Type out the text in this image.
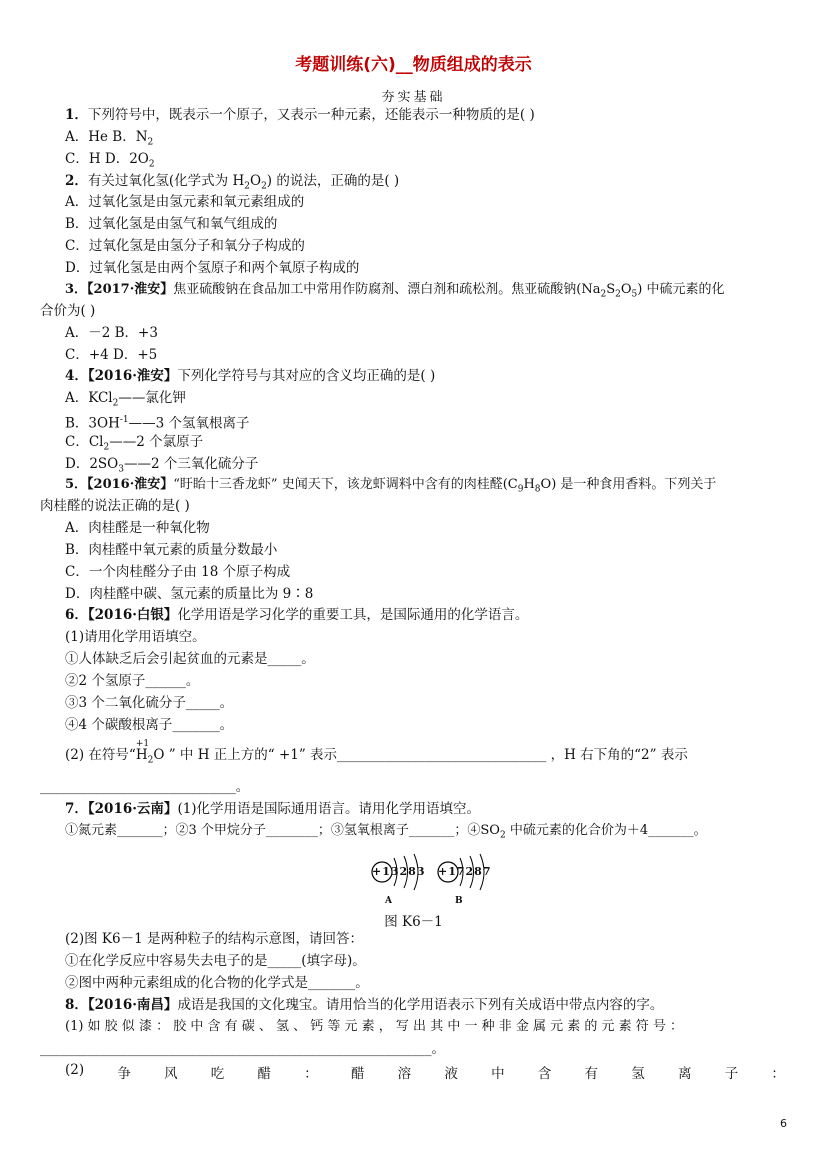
考题训练(六)__物质组成的表示
夯实基础
1．下列符号中，既表示一个原子，又表示一种元素，还能表示一种物质的是( )
A．He B．$N_2$
C．H D．$2O_2$
2．有关过氧化氢(化学式为 $H_2O_2$) 的说法，正确的是( )
A．过氧化氢是由氢元素和氧元素组成的
B．过氧化氢是由氢气和氧气组成的
C．过氧化氢是由氢分子和氧分子构成的
D．过氧化氢是由两个氢原子和两个氧原子构成的
3．【2017·淮安】焦亚硫酸钠在食品加工中常用作防腐剂、漂白剂和疏松剂。焦亚硫酸钠$(Na_2S_2O_5)$ 中硫元素的化
合价为( )
A．－2 B．+3
C．+4 D．+5
4．【2016·淮安】下列化学符号与其对应的含义均正确的是( )
A．KCl$_2$——氯化钾
B．$3OH^{-1}——3$ 个氢氧根离子
C．$Cl_2——2$ 个氯原子
D．$2SO_3——2$ 个三氧化硫分子
5．【2016·淮安】“盱眙十三香龙虾” 史闻天下，该龙虾调料中含有的肉桂醛$(C_9H_8O)$ 是一种食用香料。下列关于
肉桂醛的说法正确的是( )
A．肉桂醛是一种氧化物
B．肉桂醛中氧元素的质量分数最小
C．一个肉桂醛分子由 18 个原子构成
D．肉桂醛中碳、氢元素的质量比为 9∶8
6．【2016·白银】化学用语是学习化学的重要工具，是国际通用的化学语言。
(1)请用化学用语填空。
①人体缺乏后会引起贫血的元素是_____。
②2 个氢原子______。
③3 个二氧化硫分子_____。
④4 个碳酸根离子_______。
(2) 在符号“
+1
$H_2O$ ” 中 H 正上方的“ +1” 表示_______________________________ ，H 右下角的“2” 表示
_____________________________。
7．【2016·云南】(1)化学用语是国际通用语言。请用化学用语填空。
①氮元素_______；②3 个甲烷分子________；③氢氧根离子_______；$④SO_2$ 中硫元素的化合价为＋4_______。
+13283 +17287
A	B
图 K6－1
(2)图 K6－1 是两种粒子的结构示意图，请回答：
①在化学反应中容易失去电子的是_____(填字母)。
②图中两种元素组成的化合物的化学式是_______。
8．【2016·南昌】成语是我国的文化瑰宝。请用恰当的化学用语表示下列有关成语中带点内容的字。
(1) 如 胶 似 漆 ： 胶 中 含 有 碳 、 氢 、 钙 等 元 素 ， 写 出 其 中 一 种 非 金 属 元 素 的 元 素 符 号 ：
__________________________________________________________。
(2) 争 风 吃 醋 ： 醋 溶 液 中 含 有 氢 离 子 ：
6
